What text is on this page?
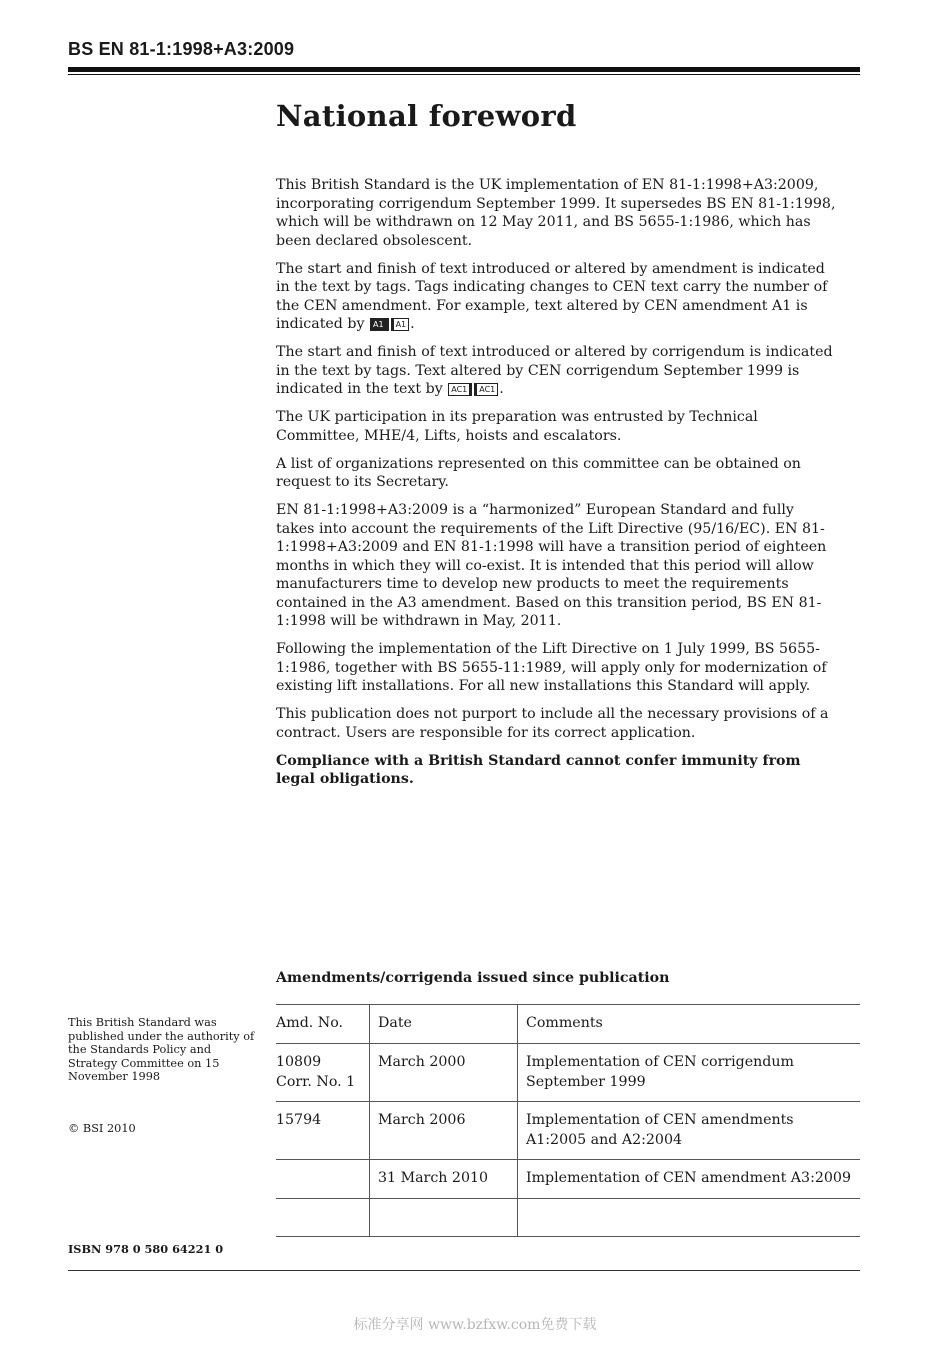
BS EN 81-1:1998+A3:2009
National foreword

This British Standard is the UK implementation of EN 81-1:1998+A3:2009, incorporating corrigendum September 1999. It supersedes BS EN 81-1:1998, which will be withdrawn on 12 May 2011, and BS 5655-1:1986, which has been declared obsolescent.

The start and finish of text introduced or altered by amendment is indicated in the text by tags. Tags indicating changes to CEN text carry the number of the CEN amendment. For example, text altered by CEN amendment A1 is indicated by A1 A1 .

The start and finish of text introduced or altered by corrigendum is indicated in the text by tags. Text altered by CEN corrigendum September 1999 is indicated in the text by AC1 AC1 .

The UK participation in its preparation was entrusted by Technical Committee, MHE/4, Lifts, hoists and escalators.

A list of organizations represented on this committee can be obtained on request to its Secretary.

EN 81-1:1998+A3:2009 is a “harmonized” European Standard and fully takes into account the requirements of the Lift Directive (95/16/EC). EN 81-1:1998+A3:2009 and EN 81-1:1998 will have a transition period of eighteen months in which they will co-exist. It is intended that this period will allow manufacturers time to develop new products to meet the requirements contained in the A3 amendment. Based on this transition period, BS EN 81-1:1998 will be withdrawn in May, 2011.

Following the implementation of the Lift Directive on 1 July 1999, BS 5655-1:1986, together with BS 5655-11:1989, will apply only for modernization of existing lift installations. For all new installations this Standard will apply.

This publication does not purport to include all the necessary provisions of a contract. Users are responsible for its correct application.

Compliance with a British Standard cannot confer immunity from legal obligations.

Amendments/corrigenda issued since publication
Amd. No.	Date	Comments
10809
Corr. No. 1	March 2000	Implementation of CEN corrigendum September 1999
15794	March 2006	Implementation of CEN amendments A1:2005 and A2:2004
	31 March 2010	Implementation of CEN amendment A3:2009

This British Standard was published under the authority of the Standards Policy and Strategy Committee on 15 November 1998
© BSI 2010
ISBN 978 0 580 64221 0
标准分享网 www.bzfxw.com免费下载
